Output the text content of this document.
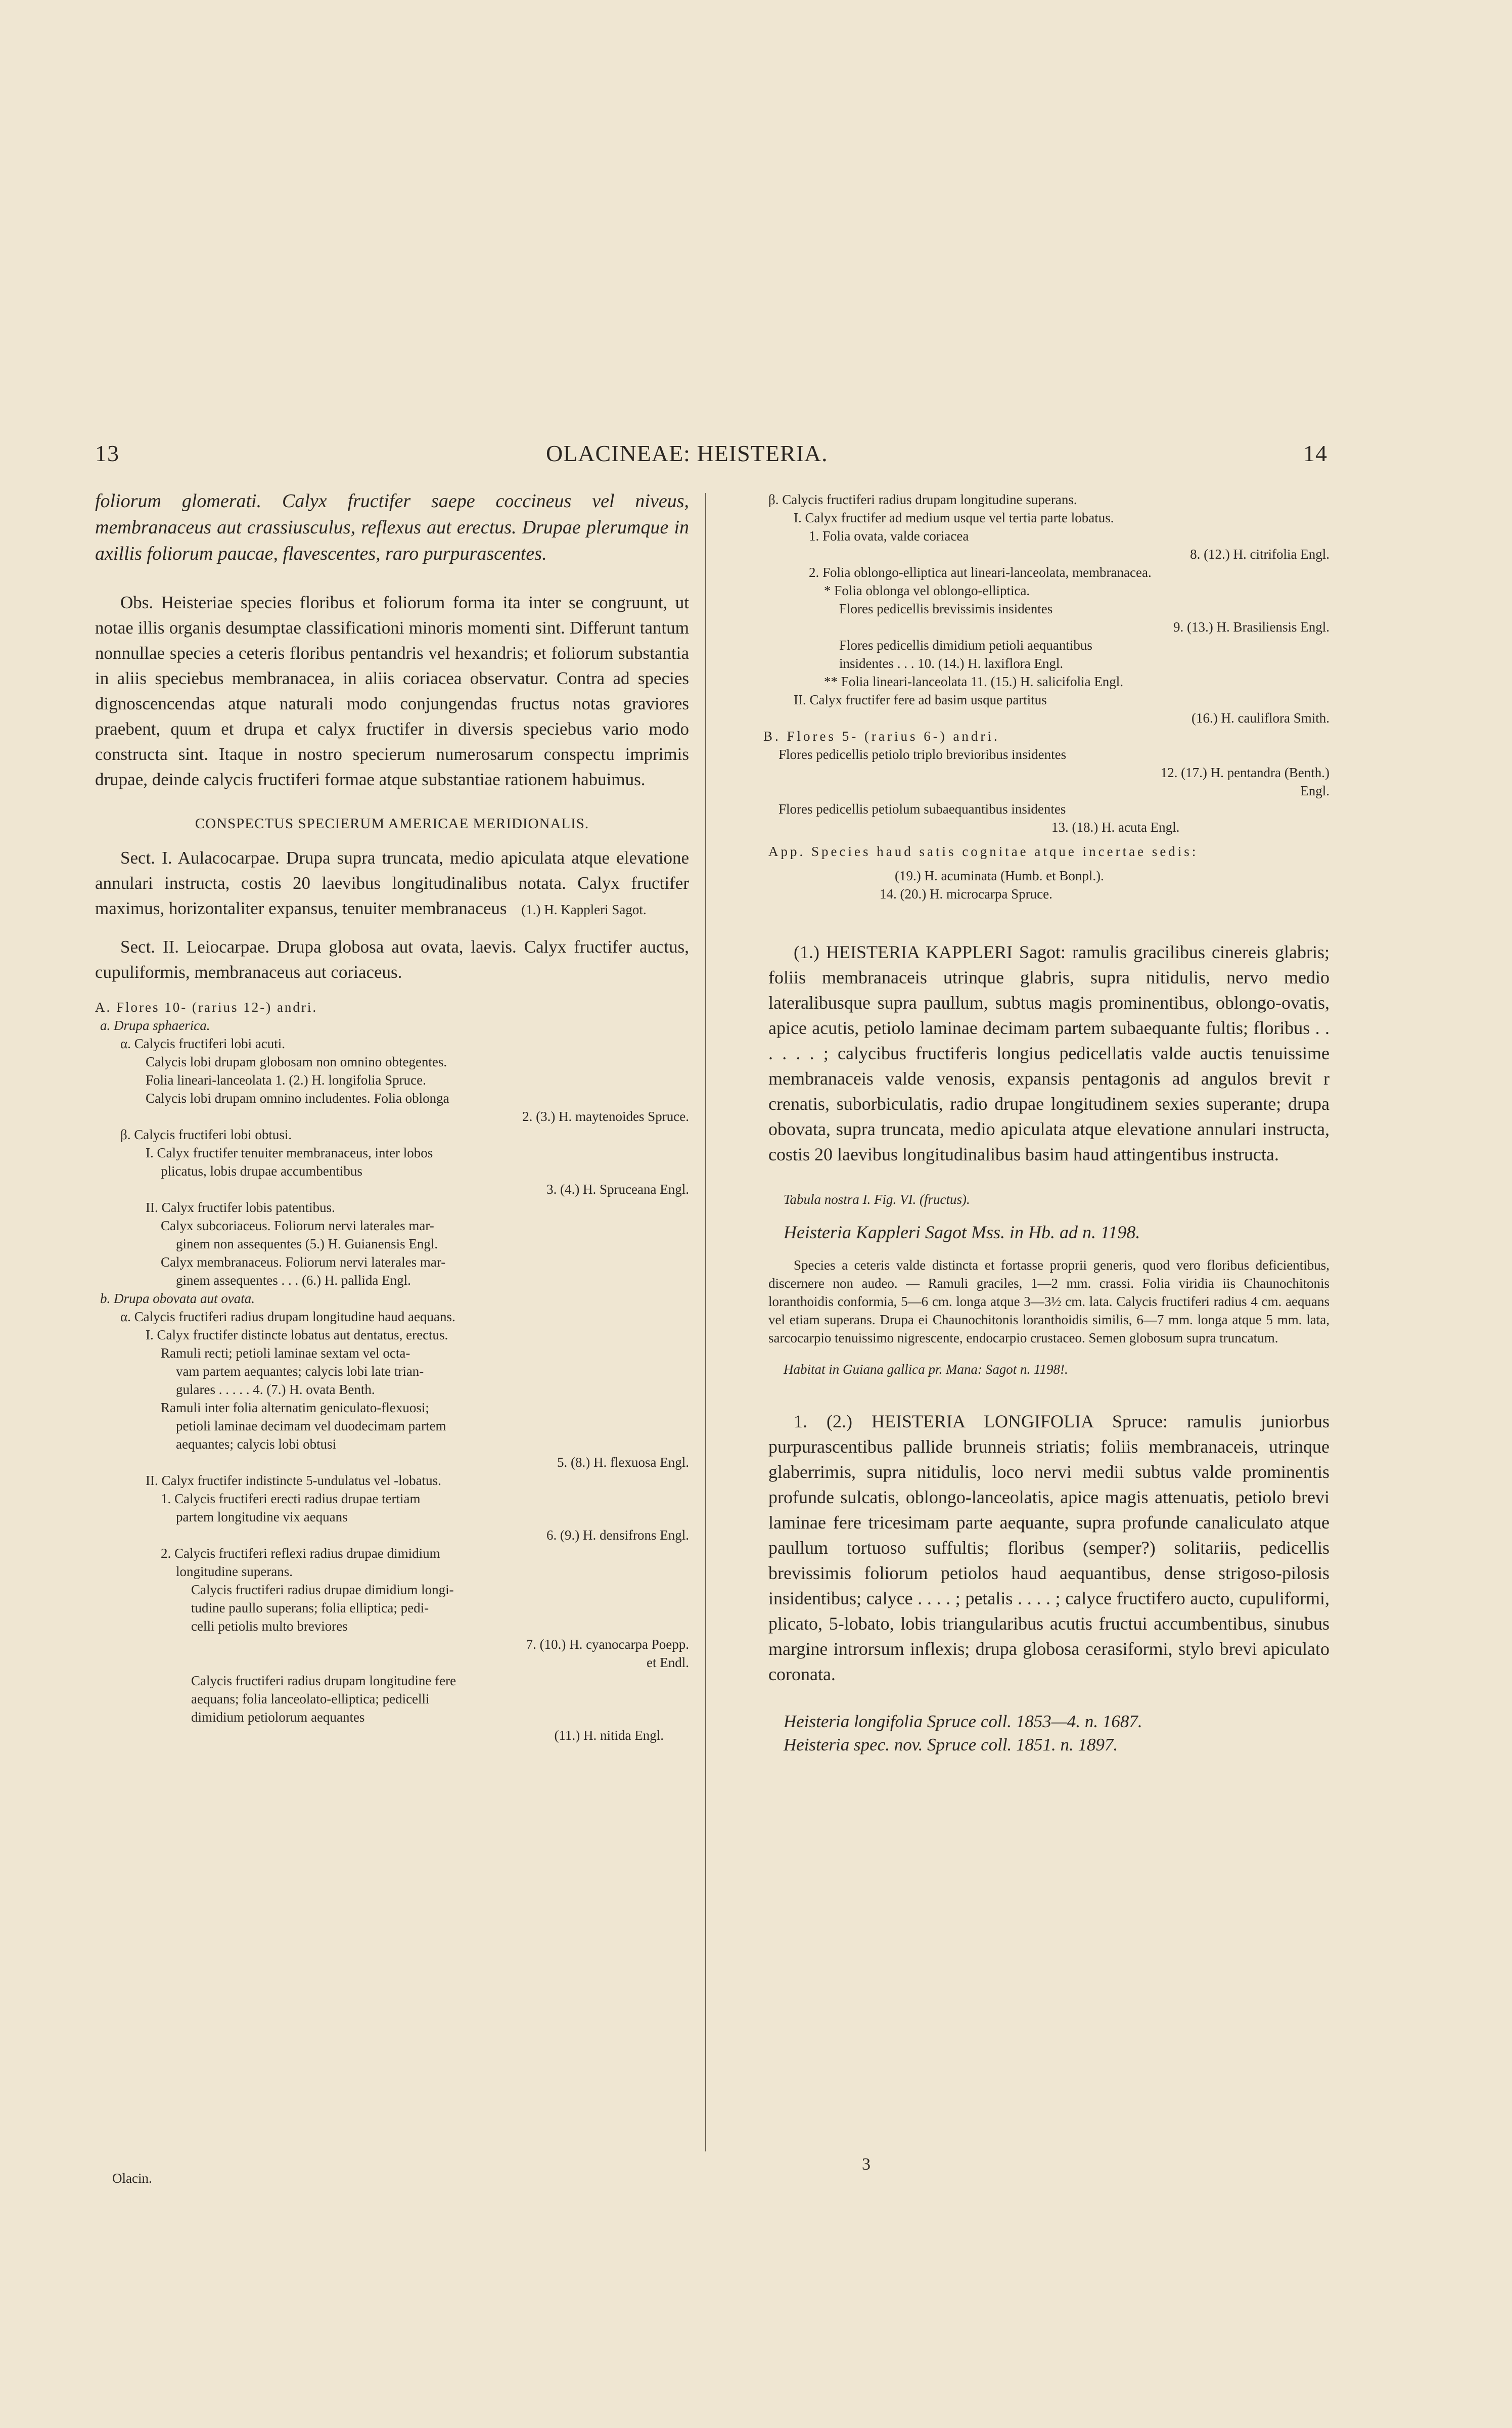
13	OLACINEAE: HEISTERIA.	14
foliorum glomerati. Calyx fructifer saepe coccineus vel niveus, membranaceus aut crassiusculus, reflexus aut erectus. Drupae plerumque in axillis foliorum paucae, flavescentes, raro purpurascentes.
Obs. Heisteriae species floribus et foliorum forma ita inter se congruunt, ut notae illis organis desumptae classificationi minoris momenti sint. Differunt tantum nonnullae species a ceteris floribus pentandris vel hexandris; et foliorum substantia in aliis speciebus membranacea, in aliis coriacea observatur. Contra ad species dignoscencendas atque naturali modo conjungendas fructus notas graviores praebent, quum et drupa et calyx fructifer in diversis speciebus vario modo constructa sint. Itaque in nostro specierum numerosarum conspectu imprimis drupae, deinde calycis fructiferi formae atque substantiae rationem habuimus.
CONSPECTUS SPECIERUM AMERICAE MERIDIONALIS.
Sect. I. Aulacocarpae. Drupa supra truncata, medio apiculata atque elevatione annulari instructa, costis 20 laevibus longitudinalibus notata. Calyx fructifer maximus, horizontaliter expansus, tenuiter membranaceus (1.) H. Kappleri Sagot.
Sect. II. Leiocarpae. Drupa globosa aut ovata, laevis. Calyx fructifer auctus, cupuliformis, membranaceus aut coriaceus.
A. Flores 10- (rarius 12-) andri.
a. Drupa sphaerica.
α. Calycis fructiferi lobi acuti.
Calycis lobi drupam globosam non omnino obtegentes.
Folia lineari-lanceolata 1. (2.) H. longifolia Spruce.
Calycis lobi drupam omnino includentes. Folia oblonga
2. (3.) H. maytenoides Spruce.
β. Calycis fructiferi lobi obtusi.
I. Calyx fructifer tenuiter membranaceus, inter lobos
plicatus, lobis drupae accumbentibus
3. (4.) H. Spruceana Engl.
II. Calyx fructifer lobis patentibus.
Calyx subcoriaceus. Foliorum nervi laterales mar-
ginem non assequentes (5.) H. Guianensis Engl.
Calyx membranaceus. Foliorum nervi laterales mar-
ginem assequentes . . . (6.) H. pallida Engl.
b. Drupa obovata aut ovata.
α. Calycis fructiferi radius drupam longitudine haud aequans.
I. Calyx fructifer distincte lobatus aut dentatus, erectus.
Ramuli recti; petioli laminae sextam vel octa-
vam partem aequantes; calycis lobi late trian-
gulares . . . . . 4. (7.) H. ovata Benth.
Ramuli inter folia alternatim geniculato-flexuosi;
petioli laminae decimam vel duodecimam partem
aequantes; calycis lobi obtusi
5. (8.) H. flexuosa Engl.
II. Calyx fructifer indistincte 5-undulatus vel -lobatus.
1. Calycis fructiferi erecti radius drupae tertiam
partem longitudine vix aequans
6. (9.) H. densifrons Engl.
2. Calycis fructiferi reflexi radius drupae dimidium
longitudine superans.
Calycis fructiferi radius drupae dimidium longi-
tudine paullo superans; folia elliptica; pedi-
celli petiolis multo breviores
7. (10.) H. cyanocarpa Poepp.
et Endl.
Calycis fructiferi radius drupam longitudine fere
aequans; folia lanceolato-elliptica; pedicelli
dimidium petiolorum aequantes
(11.) H. nitida Engl.
Olacin.
β. Calycis fructiferi radius drupam longitudine superans.
I. Calyx fructifer ad medium usque vel tertia parte lobatus.
1. Folia ovata, valde coriacea
8. (12.) H. citrifolia Engl.
2. Folia oblongo-elliptica aut lineari-lanceolata, membranacea.
* Folia oblonga vel oblongo-elliptica.
Flores pedicellis brevissimis insidentes
9. (13.) H. Brasiliensis Engl.
Flores pedicellis dimidium petioli aequantibus
insidentes . . . 10. (14.) H. laxiflora Engl.
** Folia lineari-lanceolata 11. (15.) H. salicifolia Engl.
II. Calyx fructifer fere ad basim usque partitus
(16.) H. cauliflora Smith.
B. Flores 5- (rarius 6-) andri.
Flores pedicellis petiolo triplo brevioribus insidentes
12. (17.) H. pentandra (Benth.)
Engl.
Flores pedicellis petiolum subaequantibus insidentes
13. (18.) H. acuta Engl.
App. Species haud satis cognitae atque incertae sedis:
(19.) H. acuminata (Humb. et Bonpl.).
14. (20.) H. microcarpa Spruce.
(1.) HEISTERIA KAPPLERI Sagot: ramulis gracilibus cinereis glabris; foliis membranaceis utrinque glabris, supra nitidulis, nervo medio lateralibusque supra paullum, subtus magis prominentibus, oblongo-ovatis, apice acutis, petiolo laminae decimam partem subaequante fultis; floribus . . . . . . ; calycibus fructiferis longius pedicellatis valde auctis tenuissime membranaceis valde venosis, expansis pentagonis ad angulos brevit r crenatis, suborbiculatis, radio drupae longitudinem sexies superante; drupa obovata, supra truncata, medio apiculata atque elevatione annulari instructa, costis 20 laevibus longitudinalibus basim haud attingentibus instructa.
Tabula nostra I. Fig. VI. (fructus).
Heisteria Kappleri Sagot Mss. in Hb. ad n. 1198.
Species a ceteris valde distincta et fortasse proprii generis, quod vero floribus deficientibus, discernere non audeo. — Ramuli graciles, 1—2 mm. crassi. Folia viridia iis Chaunochitonis loranthoidis conformia, 5—6 cm. longa atque 3—3½ cm. lata. Calycis fructiferi radius 4 cm. aequans vel etiam superans. Drupa ei Chaunochitonis loranthoidis similis, 6—7 mm. longa atque 5 mm. lata, sarcocarpio tenuissimo nigrescente, endocarpio crustaceo. Semen globosum supra truncatum.
Habitat in Guiana gallica pr. Mana: Sagot n. 1198!.
1. (2.) HEISTERIA LONGIFOLIA Spruce: ramulis juniorbus purpurascentibus pallide brunneis striatis; foliis membranaceis, utrinque glaberrimis, supra nitidulis, loco nervi medii subtus valde prominentis profunde sulcatis, oblongo-lanceolatis, apice magis attenuatis, petiolo brevi laminae fere tricesimam parte aequante, supra profunde canaliculato atque paullum tortuoso suffultis; floribus (semper?) solitariis, pedicellis brevissimis foliorum petiolos haud aequantibus, dense strigoso-pilosis insidentibus; calyce . . . . ; petalis . . . . ; calyce fructifero aucto, cupuliformi, plicato, 5-lobato, lobis triangularibus acutis fructui accumbentibus, sinubus margine introrsum inflexis; drupa globosa cerasiformi, stylo brevi apiculato coronata.
Heisteria longifolia Spruce coll. 1853—4. n. 1687.
Heisteria spec. nov. Spruce coll. 1851. n. 1897.
3
